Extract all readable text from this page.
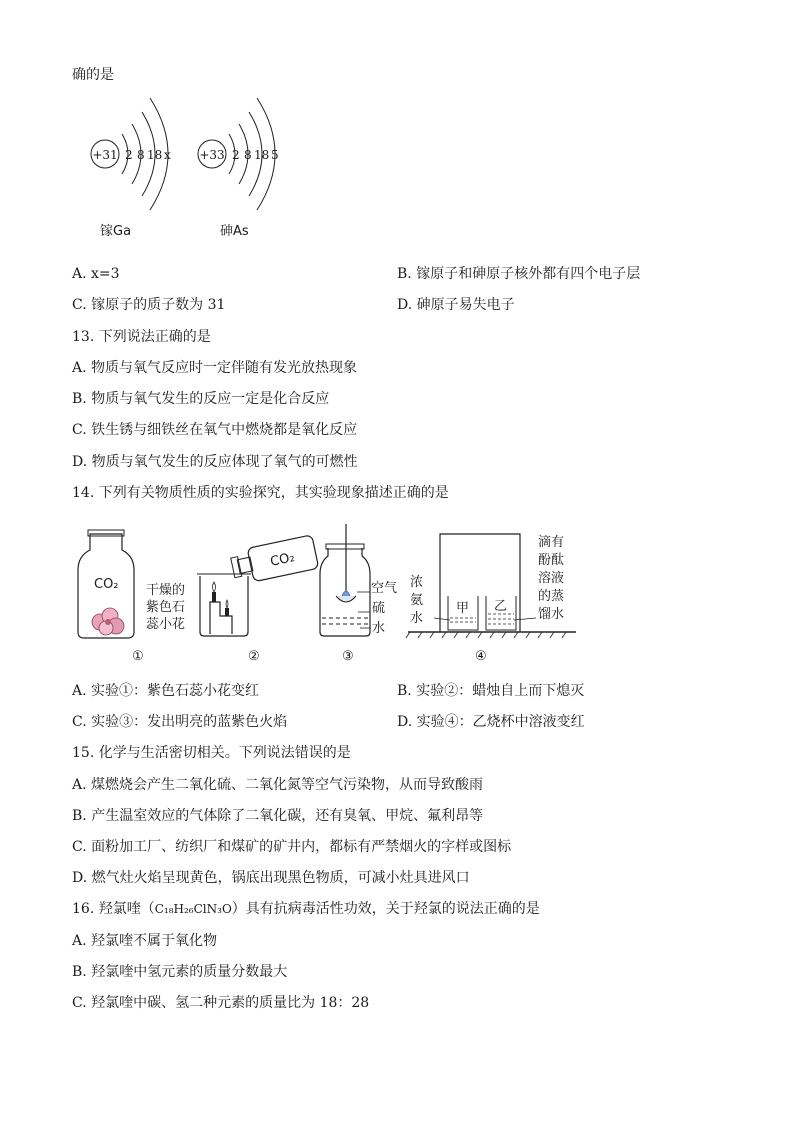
确的是
+31 2 8 18 x
镓Ga
+33 2 8 18 5
砷As
A. x=3	B. 镓原子和砷原子核外都有四个电子层
C. 镓原子的质子数为 31	D. 砷原子易失电子
13. 下列说法正确的是
A. 物质与氧气反应时一定伴随有发光放热现象
B. 物质与氧气发生的反应一定是化合反应
C. 铁生锈与细铁丝在氧气中燃烧都是氧化反应
D. 物质与氧气发生的反应体现了氧气的可燃性
14. 下列有关物质性质的实验探究，其实验现象描述正确的是
CO₂ 干燥的
紫色石
蕊小花
①
CO₂
②
空气
硫
水
③
甲 乙
浓
氨
水
滴有
酚酞
溶液
的蒸
馏水
④
A. 实验①：紫色石蕊小花变红	B. 实验②：蜡烛自上而下熄灭
C. 实验③：发出明亮的蓝紫色火焰	D. 实验④：乙烧杯中溶液变红
15. 化学与生活密切相关。下列说法错误的是
A. 煤燃烧会产生二氧化硫、二氧化氮等空气污染物，从而导致酸雨
B. 产生温室效应的气体除了二氧化碳，还有臭氧、甲烷、氟利昂等
C. 面粉加工厂、纺织厂和煤矿的矿井内，都标有严禁烟火的字样或图标
D. 燃气灶火焰呈现黄色，锅底出现黑色物质，可减小灶具进风口
16. 羟氯喹（C₁₈H₂₆ClN₃O）具有抗病毒活性功效，关于羟氯的说法正确的是
A. 羟氯喹不属于氧化物
B. 羟氯喹中氢元素的质量分数最大
C. 羟氯喹中碳、氢二种元素的质量比为 18：28
